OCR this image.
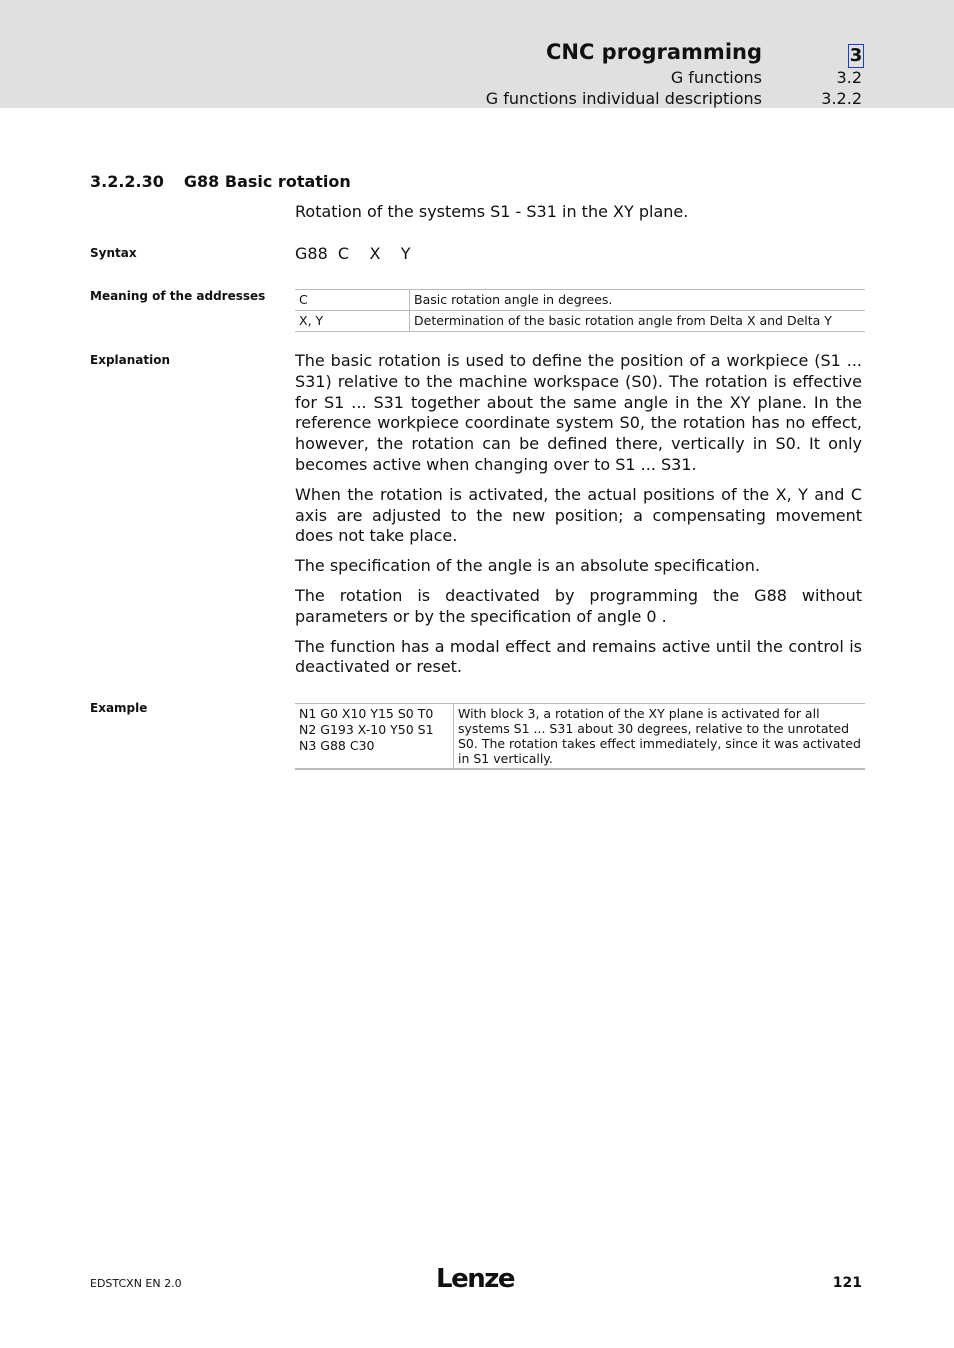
CNC programming	3
G functions	3.2
G functions individual descriptions	3.2.2
3.2.2.30 G88 Basic rotation
Rotation of the systems S1 - S31 in the XY plane.
Syntax	G88  C    X    Y
Meaning of the addresses	C	Basic rotation angle in degrees.
X, Y	Determination of the basic rotation angle from Delta X and Delta Y
Explanation	The basic rotation is used to define the position of a workpiece (S1 ... S31) relative to the machine workspace (S0). The rotation is effective for S1 ... S31 together about the same angle in the XY plane. In the reference workpiece coordinate system S0, the rotation has no effect, however, the rotation can be defined there, vertically in S0. It only becomes active when changing over to S1 ... S31.

When the rotation is activated, the actual positions of the X, Y and C axis are adjusted to the new position; a compensating movement does not take place.

The specification of the angle is an absolute specification.

The rotation is deactivated by programming the G88 without parameters or by the specification of angle 0 .

The function has a modal effect and remains active until the control is deactivated or reset.

Example	N1 G0 X10 Y15 S0 T0
N2 G193 X-10 Y50 S1
N3 G88 C30
	With block 3, a rotation of the XY plane is activated for all systems S1 ... S31 about 30 degrees, relative to the unrotated S0. The rotation takes effect immediately, since it was activated in S1 vertically.
EDSTCXN EN 2.0	Lenze	121
